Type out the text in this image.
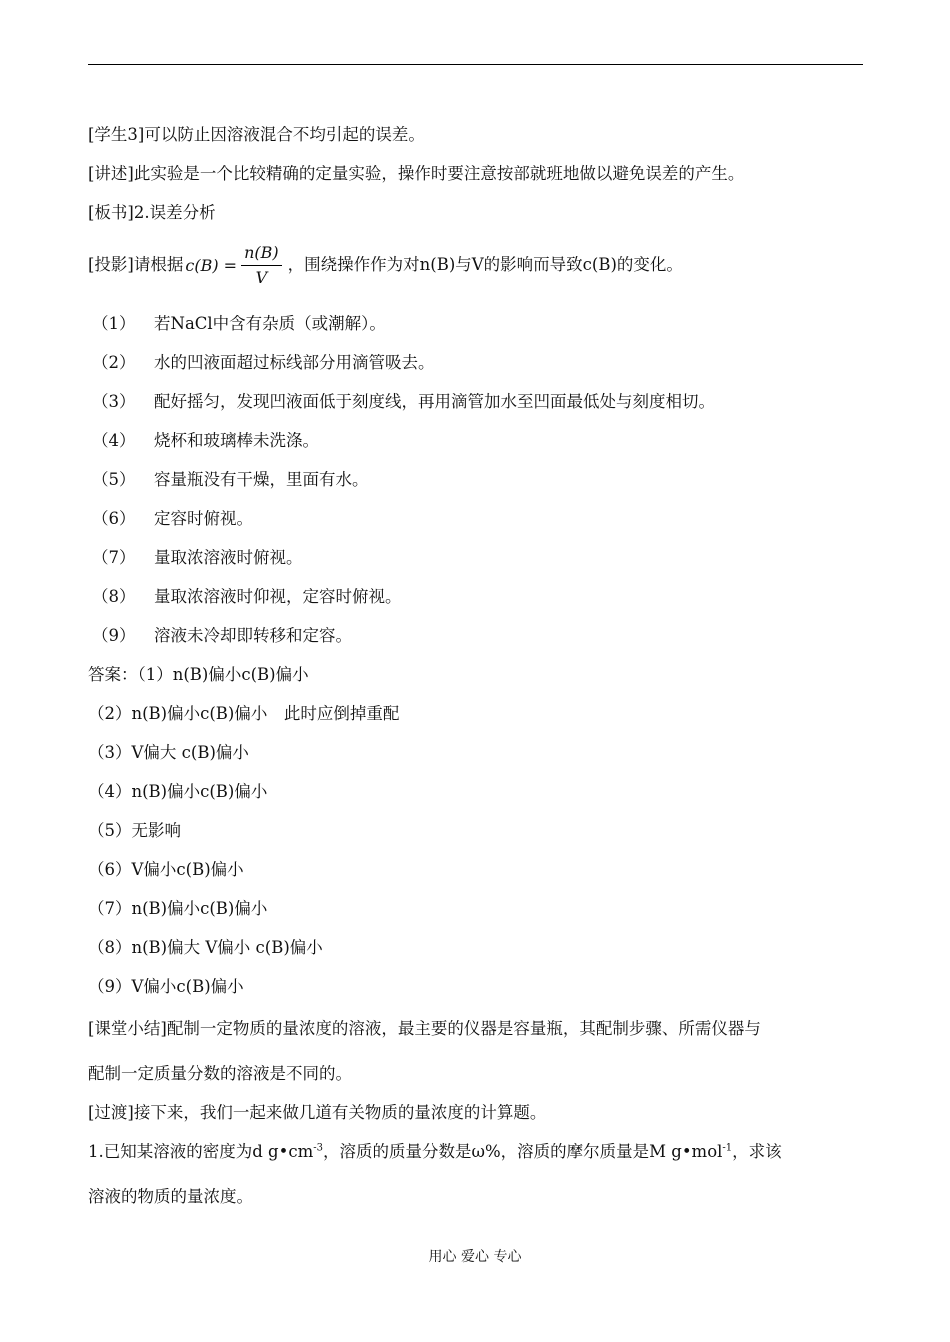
[学生3]可以防止因溶液混合不均引起的误差。
[讲述]此实验是一个比较精确的定量实验，操作时要注意按部就班地做以避免误差的产生。
[板书]2.误差分析
[投影]请根据 $c(B) = \frac{n(B)}{V}$ ，围绕操作作为对n(B)与V的影响而导致c(B)的变化。
（1） 若NaCl中含有杂质（或潮解）。
（2） 水的凹液面超过标线部分用滴管吸去。
（3） 配好摇匀，发现凹液面低于刻度线，再用滴管加水至凹面最低处与刻度相切。
（4） 烧杯和玻璃棒未洗涤。
（5） 容量瓶没有干燥，里面有水。
（6） 定容时俯视。
（7） 量取浓溶液时俯视。
（8） 量取浓溶液时仰视，定容时俯视。
（9） 溶液未冷却即转移和定容。
答案：（1）n(B)偏小c(B)偏小
（2）n(B)偏小c(B)偏小　此时应倒掉重配
（3）V偏大 c(B)偏小
（4）n(B)偏小c(B)偏小
（5）无影响
（6）V偏小c(B)偏小
（7）n(B)偏小c(B)偏小
（8）n(B)偏大 V偏小 c(B)偏小
（9）V偏小c(B)偏小
[课堂小结]配制一定物质的量浓度的溶液，最主要的仪器是容量瓶，其配制步骤、所需仪器与
配制一定质量分数的溶液是不同的。
[过渡]接下来，我们一起来做几道有关物质的量浓度的计算题。
1.已知某溶液的密度为d $g•cm^{-3}$，溶质的质量分数是ω%，溶质的摩尔质量是M g•mol$^{-1}$，求该
溶液的物质的量浓度。
用心 爱心 专心
